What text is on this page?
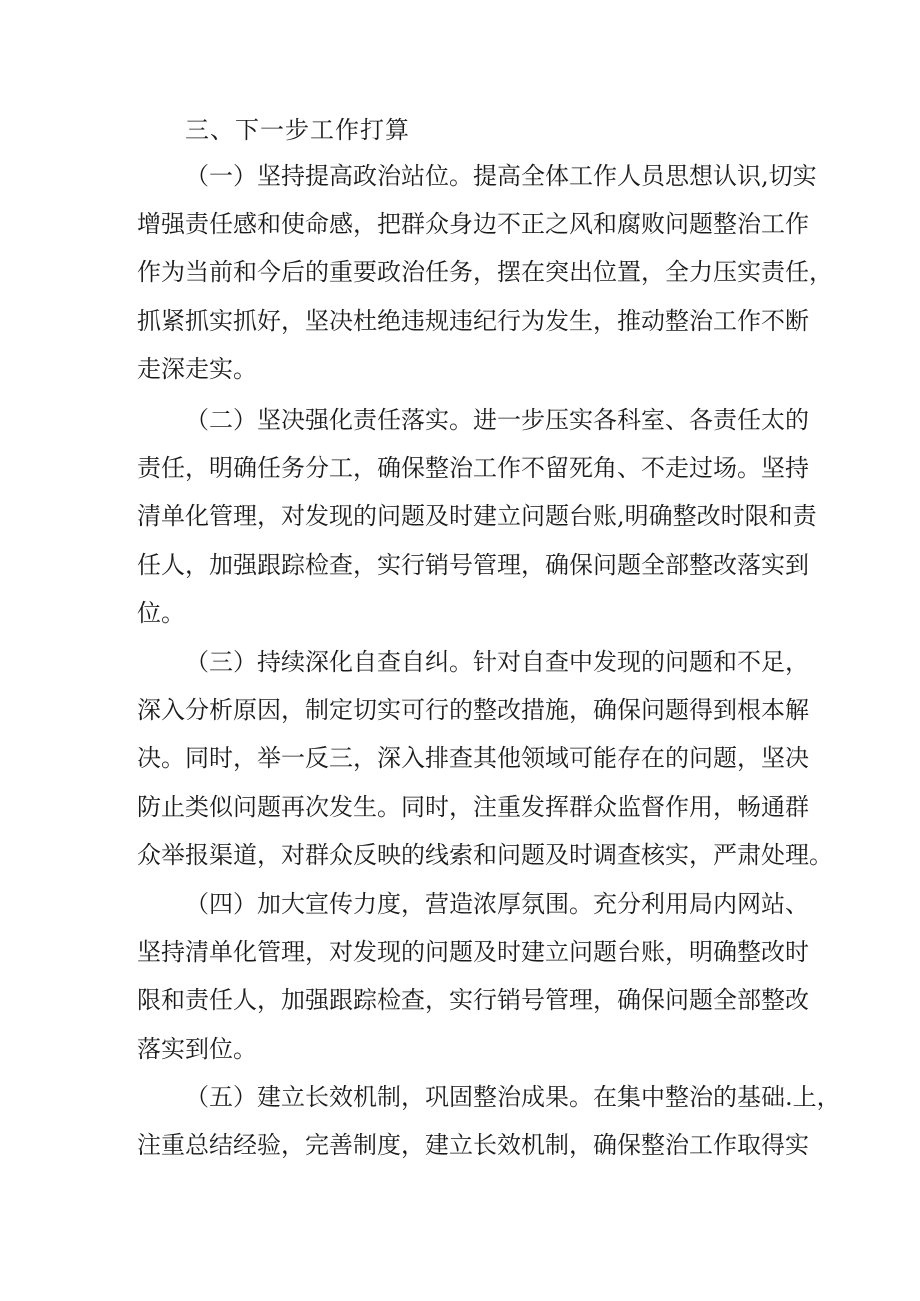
三、下一步工作打算

（一）坚持提高政治站位。提高全体工作人员思想认识,切实
增强责任感和使命感，把群众身边不正之风和腐败问题整治工作
作为当前和今后的重要政治任务，摆在突出位置，全力压实责任，
抓紧抓实抓好，坚决杜绝违规违纪行为发生，推动整治工作不断
走深走实。

（二）坚决强化责任落实。进一步压实各科室、各责任太的
责任，明确任务分工，确保整治工作不留死角、不走过场。坚持
清单化管理，对发现的问题及时建立问题台账,明确整改时限和责
任人，加强跟踪检查，实行销号管理，确保问题全部整改落实到
位。

（三）持续深化自查自纠。针对自查中发现的问题和不足，
深入分析原因，制定切实可行的整改措施，确保问题得到根本解
决。同时，举一反三，深入排查其他领域可能存在的问题，坚决
防止类似问题再次发生。同时，注重发挥群众监督作用，畅通群
众举报渠道，对群众反映的线索和问题及时调查核实，严肃处理。

（四）加大宣传力度，营造浓厚氛围。充分利用局内网站、
坚持清单化管理，对发现的问题及时建立问题台账，明确整改时
限和责任人，加强跟踪检查，实行销号管理，确保问题全部整改
落实到位。

（五）建立长效机制，巩固整治成果。在集中整治的基础.上，
注重总结经验，完善制度，建立长效机制，确保整治工作取得实
